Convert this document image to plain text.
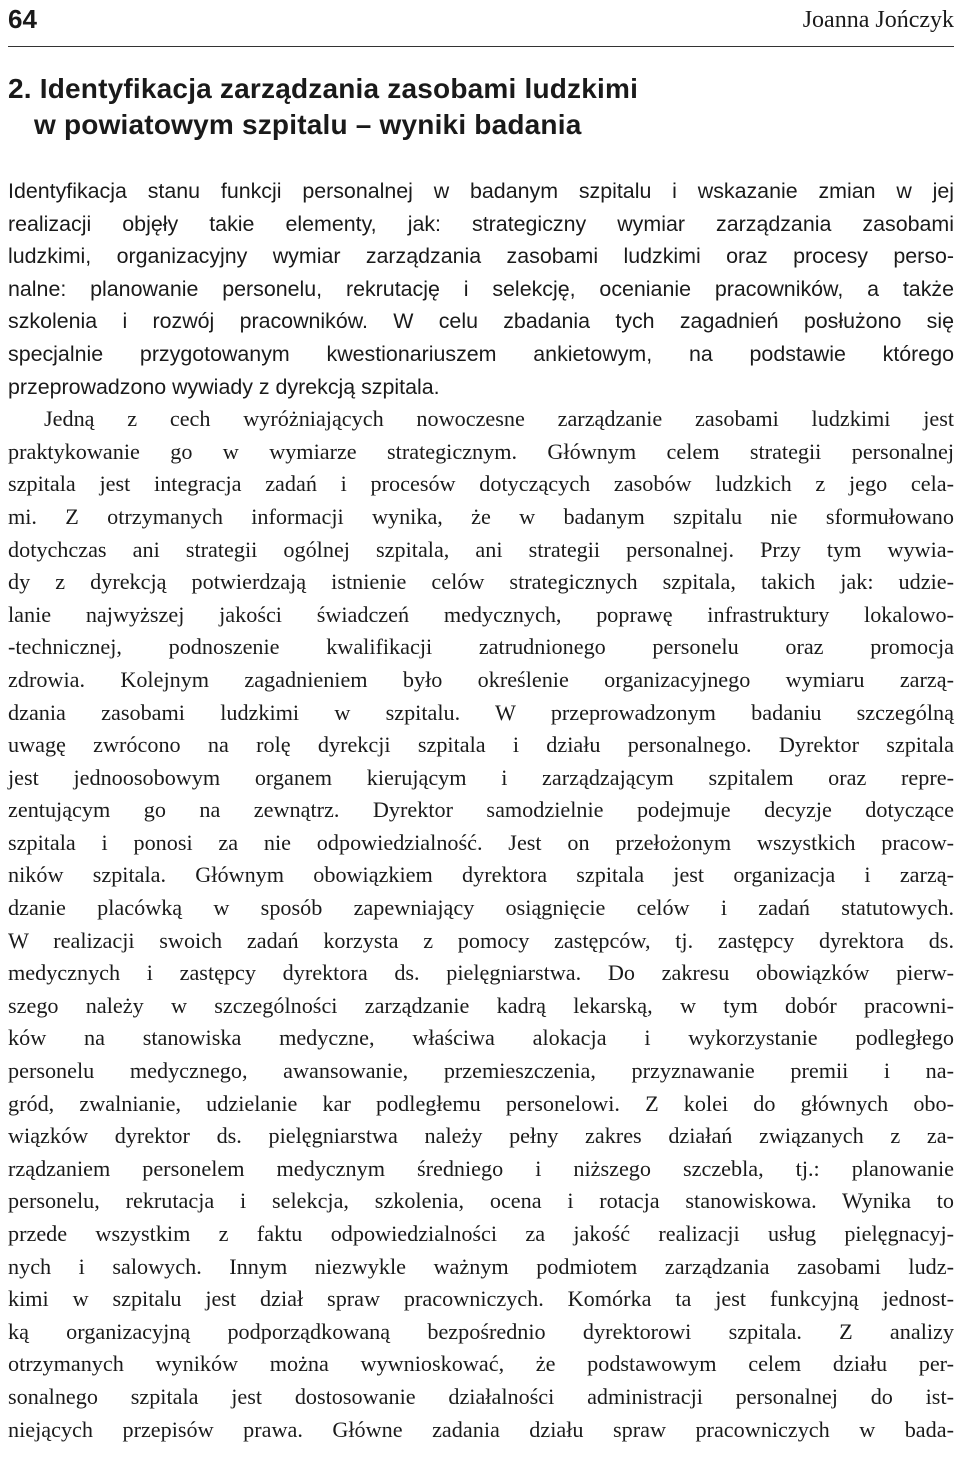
64	Joanna Jończyk
2. Identyfikacja zarządzania zasobami ludzkimi
w powiatowym szpitalu – wyniki badania

Identyfikacja stanu funkcji personalnej w badanym szpitalu i wskazanie zmian w jej
realizacji objęły takie elementy, jak: strategiczny wymiar zarządzania zasobami
ludzkimi, organizacyjny wymiar zarządzania zasobami ludzkimi oraz procesy perso-
nalne: planowanie personelu, rekrutację i selekcję, ocenianie pracowników, a także
szkolenia i rozwój pracowników. W celu zbadania tych zagadnień posłużono się
specjalnie przygotowanym kwestionariuszem ankietowym, na podstawie którego
przeprowadzono wywiady z dyrekcją szpitala.

Jedną z cech wyróżniających nowoczesne zarządzanie zasobami ludzkimi jest
praktykowanie go w wymiarze strategicznym. Głównym celem strategii personalnej
szpitala jest integracja zadań i procesów dotyczących zasobów ludzkich z jego cela-
mi. Z otrzymanych informacji wynika, że w badanym szpitalu nie sformułowano
dotychczas ani strategii ogólnej szpitala, ani strategii personalnej. Przy tym wywia-
dy z dyrekcją potwierdzają istnienie celów strategicznych szpitala, takich jak: udzie-
lanie najwyższej jakości świadczeń medycznych, poprawę infrastruktury lokalowo-
-technicznej, podnoszenie kwalifikacji zatrudnionego personelu oraz promocja
zdrowia. Kolejnym zagadnieniem było określenie organizacyjnego wymiaru zarzą-
dzania zasobami ludzkimi w szpitalu. W przeprowadzonym badaniu szczególną
uwagę zwrócono na rolę dyrekcji szpitala i działu personalnego. Dyrektor szpitala
jest jednoosobowym organem kierującym i zarządzającym szpitalem oraz repre-
zentującym go na zewnątrz. Dyrektor samodzielnie podejmuje decyzje dotyczące
szpitala i ponosi za nie odpowiedzialność. Jest on przełożonym wszystkich pracow-
ników szpitala. Głównym obowiązkiem dyrektora szpitala jest organizacja i zarzą-
dzanie placówką w sposób zapewniający osiągnięcie celów i zadań statutowych.
W realizacji swoich zadań korzysta z pomocy zastępców, tj. zastępcy dyrektora ds.
medycznych i zastępcy dyrektora ds. pielęgniarstwa. Do zakresu obowiązków pierw-
szego należy w szczególności zarządzanie kadrą lekarską, w tym dobór pracowni-
ków na stanowiska medyczne, właściwa alokacja i wykorzystanie podległego
personelu medycznego, awansowanie, przemieszczenia, przyznawanie premii i na-
gród, zwalnianie, udzielanie kar podległemu personelowi. Z kolei do głównych obo-
wiązków dyrektor ds. pielęgniarstwa należy pełny zakres działań związanych z za-
rządzaniem personelem medycznym średniego i niższego szczebla, tj.: planowanie
personelu, rekrutacja i selekcja, szkolenia, ocena i rotacja stanowiskowa. Wynika to
przede wszystkim z faktu odpowiedzialności za jakość realizacji usług pielęgnacyj-
nych i salowych. Innym niezwykle ważnym podmiotem zarządzania zasobami ludz-
kimi w szpitalu jest dział spraw pracowniczych. Komórka ta jest funkcyjną jednost-
ką organizacyjną podporządkowaną bezpośrednio dyrektorowi szpitala. Z analizy
otrzymanych wyników można wywnioskować, że podstawowym celem działu per-
sonalnego szpitala jest dostosowanie działalności administracji personalnej do ist-
niejących przepisów prawa. Główne zadania działu spraw pracowniczych w bada-
